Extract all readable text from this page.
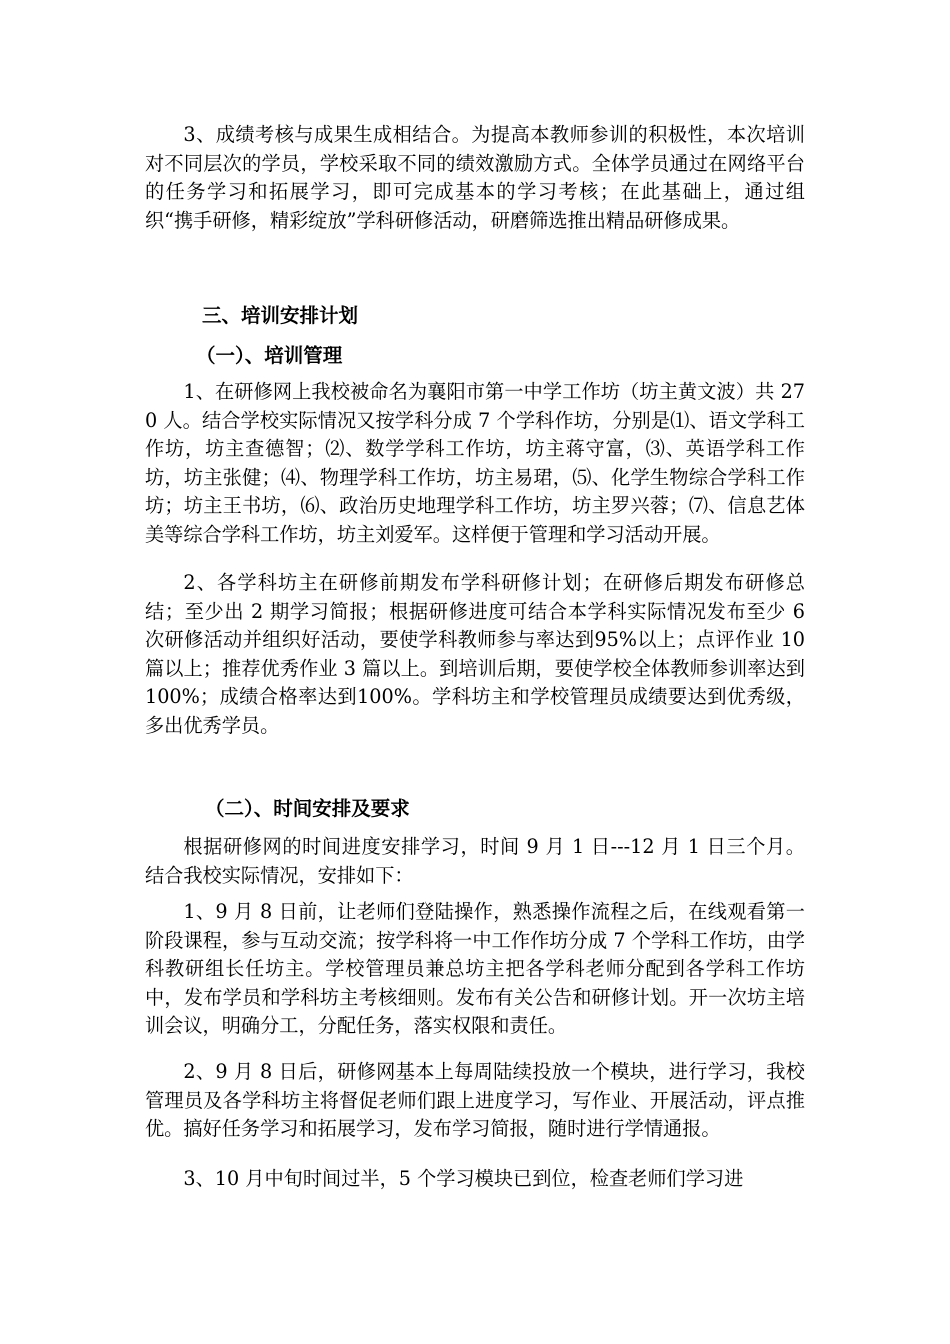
3、成绩考核与成果生成相结合。为提高本教师参训的积极性，本次培训对不同层次的学员，学校采取不同的绩效激励方式。全体学员通过在网络平台的任务学习和拓展学习，即可完成基本的学习考核；在此基础上，通过组织“携手研修，精彩绽放”学科研修活动，研磨筛选推出精品研修成果。

三、培训安排计划
（一）、培训管理

1、在研修网上我校被命名为襄阳市第一中学工作坊（坊主黄文波）共 270 人。结合学校实际情况又按学科分成 7 个学科作坊，分别是⑴、语文学科工作坊，坊主查德智；⑵、数学学科工作坊，坊主蒋守富，⑶、英语学科工作坊，坊主张健；⑷、物理学科工作坊，坊主易珺，⑸、化学生物综合学科工作坊；坊主王书坊，⑹、政治历史地理学科工作坊，坊主罗兴蓉；⑺、信息艺体美等综合学科工作坊，坊主刘爱军。这样便于管理和学习活动开展。

2、各学科坊主在研修前期发布学科研修计划；在研修后期发布研修总结；至少出 2 期学习简报；根据研修进度可结合本学科实际情况发布至少 6 次研修活动并组织好活动，要使学科教师参与率达到95%以上；点评作业 10 篇以上；推荐优秀作业 3 篇以上。到培训后期，要使学校全体教师参训率达到100%；成绩合格率达到100%。学科坊主和学校管理员成绩要达到优秀级，多出优秀学员。

（二）、时间安排及要求

根据研修网的时间进度安排学习，时间 9 月 1 日---12 月 1 日三个月。结合我校实际情况，安排如下：

1、9 月 8 日前，让老师们登陆操作，熟悉操作流程之后，在线观看第一阶段课程，参与互动交流；按学科将一中工作作坊分成 7 个学科工作坊，由学科教研组长任坊主。学校管理员兼总坊主把各学科老师分配到各学科工作坊中，发布学员和学科坊主考核细则。发布有关公告和研修计划。开一次坊主培训会议，明确分工，分配任务，落实权限和责任。

2、9 月 8 日后，研修网基本上每周陆续投放一个模块，进行学习，我校管理员及各学科坊主将督促老师们跟上进度学习，写作业、开展活动，评点推优。搞好任务学习和拓展学习，发布学习简报，随时进行学情通报。

3、10 月中旬时间过半，5 个学习模块已到位，检查老师们学习进
